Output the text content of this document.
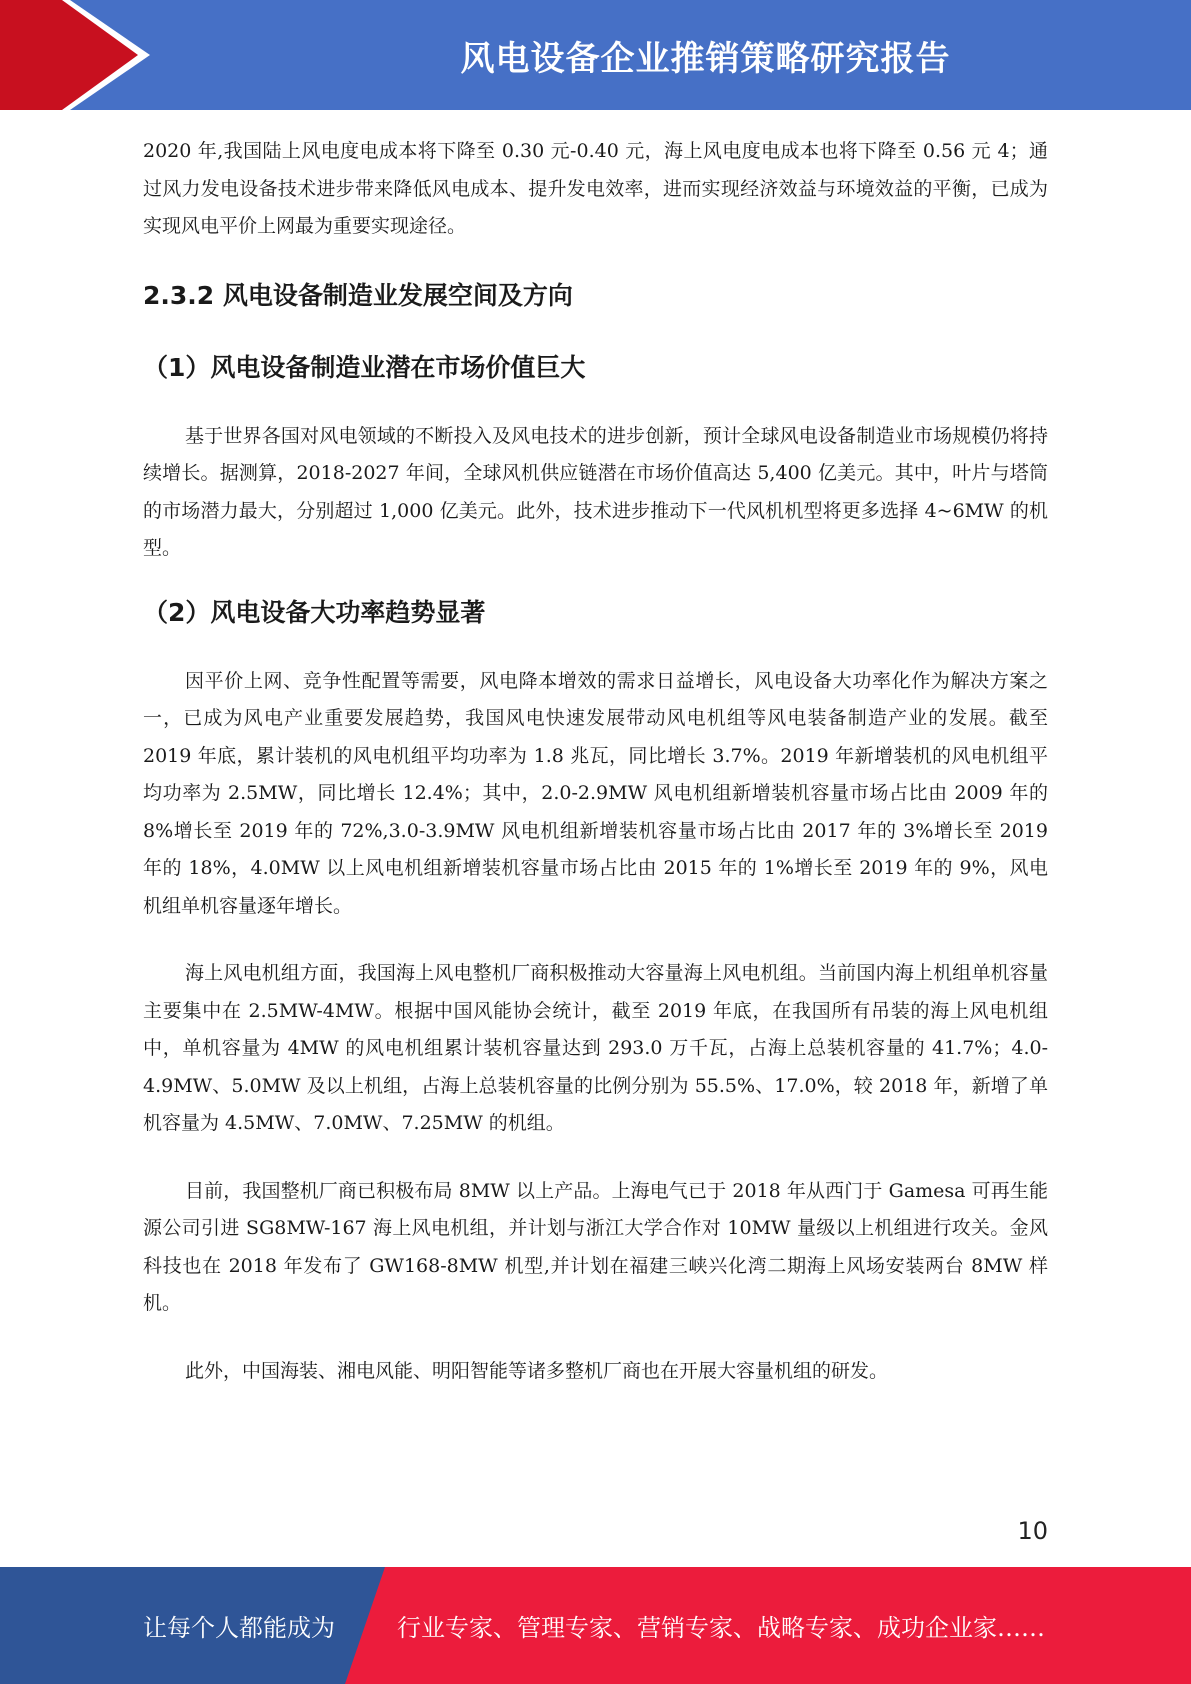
风电设备企业推销策略研究报告

2020 年,我国陆上风电度电成本将下降至 0.30 元-0.40 元，海上风电度电成本也将下降至 0.56 元 4；通过风力发电设备技术进步带来降低风电成本、提升发电效率，进而实现经济效益与环境效益的平衡，已成为实现风电平价上网最为重要实现途径。

2.3.2 风电设备制造业发展空间及方向
（1）风电设备制造业潜在市场价值巨大

基于世界各国对风电领域的不断投入及风电技术的进步创新，预计全球风电设备制造业市场规模仍将持续增长。据测算，2018-2027 年间，全球风机供应链潜在市场价值高达 5,400 亿美元。其中，叶片与塔筒的市场潜力最大，分别超过 1,000 亿美元。此外，技术进步推动下一代风机机型将更多选择 4~6MW 的机型。

（2）风电设备大功率趋势显著

因平价上网、竞争性配置等需要，风电降本增效的需求日益增长，风电设备大功率化作为解决方案之一，已成为风电产业重要发展趋势，我国风电快速发展带动风电机组等风电装备制造产业的发展。截至 2019 年底，累计装机的风电机组平均功率为 1.8 兆瓦，同比增长 3.7%。2019 年新增装机的风电机组平均功率为 2.5MW，同比增长 12.4%；其中，2.0-2.9MW 风电机组新增装机容量市场占比由 2009 年的 8%增长至 2019 年的 72%,3.0-3.9MW 风电机组新增装机容量市场占比由 2017 年的 3%增长至 2019 年的 18%，4.0MW 以上风电机组新增装机容量市场占比由 2015 年的 1%增长至 2019 年的 9%，风电机组单机容量逐年增长。

海上风电机组方面，我国海上风电整机厂商积极推动大容量海上风电机组。当前国内海上机组单机容量主要集中在 2.5MW-4MW。根据中国风能协会统计，截至 2019 年底，在我国所有吊装的海上风电机组中，单机容量为 4MW 的风电机组累计装机容量达到 293.0 万千瓦，占海上总装机容量的 41.7%；4.0-4.9MW、5.0MW 及以上机组，占海上总装机容量的比例分别为 55.5%、17.0%，较 2018 年，新增了单机容量为 4.5MW、7.0MW、7.25MW 的机组。

目前，我国整机厂商已积极布局 8MW 以上产品。上海电气已于 2018 年从西门于 Gamesa 可再生能源公司引进 SG8MW-167 海上风电机组，并计划与浙江大学合作对 10MW 量级以上机组进行攻关。金风科技也在 2018 年发布了 GW168-8MW 机型,并计划在福建三峡兴化湾二期海上风场安装两台 8MW 样机。

此外，中国海装、湘电风能、明阳智能等诸多整机厂商也在开展大容量机组的研发。

10
让每个人都能成为	行业专家、管理专家、营销专家、战略专家、成功企业家……
